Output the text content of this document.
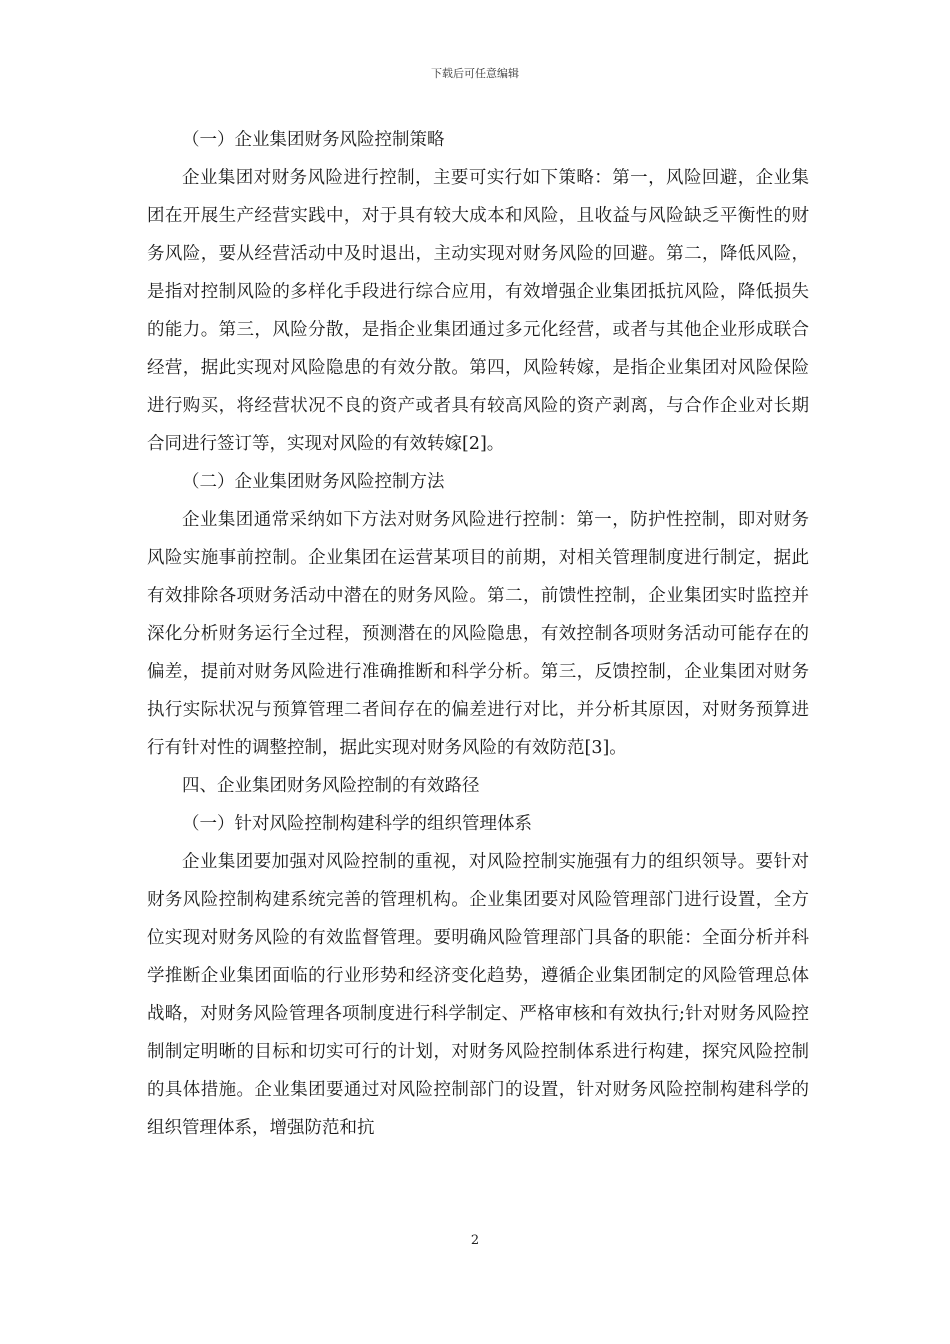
下载后可任意编辑

（一）企业集团财务风险控制策略

企业集团对财务风险进行控制，主要可实行如下策略：第一，风险回避，企业集团在开展生产经营实践中，对于具有较大成本和风险，且收益与风险缺乏平衡性的财务风险，要从经营活动中及时退出，主动实现对财务风险的回避。第二，降低风险，是指对控制风险的多样化手段进行综合应用，有效增强企业集团抵抗风险，降低损失的能力。第三，风险分散，是指企业集团通过多元化经营，或者与其他企业形成联合经营，据此实现对风险隐患的有效分散。第四，风险转嫁，是指企业集团对风险保险进行购买，将经营状况不良的资产或者具有较高风险的资产剥离，与合作企业对长期合同进行签订等，实现对风险的有效转嫁[2]。

（二）企业集团财务风险控制方法

企业集团通常采纳如下方法对财务风险进行控制：第一，防护性控制，即对财务风险实施事前控制。企业集团在运营某项目的前期，对相关管理制度进行制定，据此有效排除各项财务活动中潜在的财务风险。第二，前馈性控制，企业集团实时监控并深化分析财务运行全过程，预测潜在的风险隐患，有效控制各项财务活动可能存在的偏差，提前对财务风险进行准确推断和科学分析。第三，反馈控制，企业集团对财务执行实际状况与预算管理二者间存在的偏差进行对比，并分析其原因，对财务预算进行有针对性的调整控制，据此实现对财务风险的有效防范[3]。

四、企业集团财务风险控制的有效路径

（一）针对风险控制构建科学的组织管理体系

企业集团要加强对风险控制的重视，对风险控制实施强有力的组织领导。要针对财务风险控制构建系统完善的管理机构。企业集团要对风险管理部门进行设置，全方位实现对财务风险的有效监督管理。要明确风险管理部门具备的职能：全面分析并科学推断企业集团面临的行业形势和经济变化趋势，遵循企业集团制定的风险管理总体战略，对财务风险管理各项制度进行科学制定、严格审核和有效执行;针对财务风险控制制定明晰的目标和切实可行的计划，对财务风险控制体系进行构建，探究风险控制的具体措施。企业集团要通过对风险控制部门的设置，针对财务风险控制构建科学的组织管理体系，增强防范和抗

2
